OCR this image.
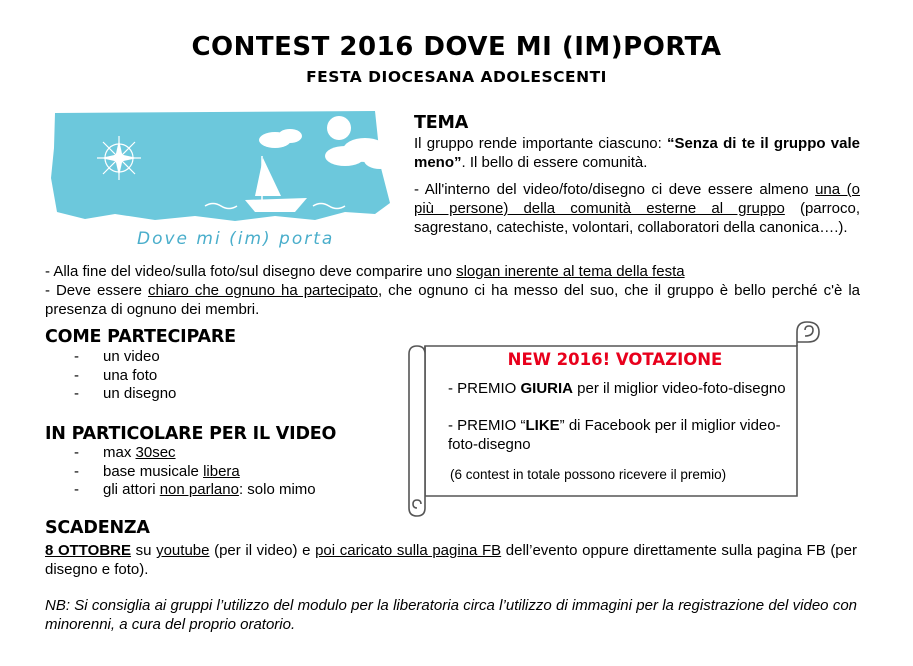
CONTEST 2016 DOVE MI (IM)PORTA
FESTA DIOCESANA ADOLESCENTI
Dove mi (im) porta
TEMA
Il gruppo rende importante ciascuno: “Senza di te il gruppo vale meno”. Il bello di essere comunità.
- All'interno del video/foto/disegno ci deve essere almeno una (o più persone) della comunità esterne al gruppo (parroco, sagrestano, catechiste, volontari, collaboratori della canonica….).
- Alla fine del video/sulla foto/sul disegno deve comparire uno slogan inerente al tema della festa
- Deve essere chiaro che ognuno ha partecipato, che ognuno ci ha messo del suo, che il gruppo è bello perché c'è la presenza di ognuno dei membri.
COME PARTECIPARE
- un video
- una foto
- un disegno
IN PARTICOLARE PER IL VIDEO
- max 30sec
- base musicale libera
- gli attori non parlano: solo mimo
NEW 2016! VOTAZIONE
- PREMIO GIURIA per il miglior video-foto-disegno
- PREMIO “LIKE” di Facebook per il miglior video-foto-disegno
(6 contest in totale possono ricevere il premio)
SCADENZA
8 OTTOBRE su youtube (per il video) e poi caricato sulla pagina FB dell’evento oppure direttamente sulla pagina FB (per disegno e foto).
NB: Si consiglia ai gruppi l’utilizzo del modulo per la liberatoria circa l’utilizzo di immagini per la registrazione del video con minorenni, a cura del proprio oratorio.
